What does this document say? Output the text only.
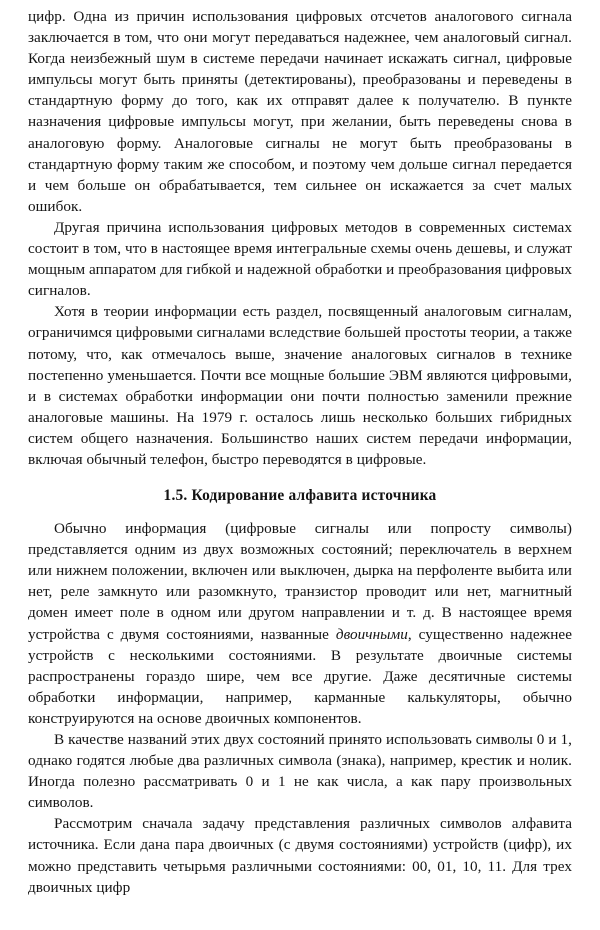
цифр. Одна из причин использования цифровых отсчетов аналогового сигнала заключается в том, что они могут передаваться надежнее, чем аналоговый сигнал. Когда неизбежный шум в системе передачи начинает искажать сигнал, цифровые импульсы могут быть приняты (детектированы), преобразованы и переведены в стандартную форму до того, как их отправят далее к получателю. В пункте назначения цифровые импульсы могут, при желании, быть переведены снова в аналоговую форму. Аналоговые сигналы не могут быть преобразованы в стандартную форму таким же способом, и поэтому чем дольше сигнал передается и чем больше он обрабатывается, тем сильнее он искажается за счет малых ошибок.

Другая причина использования цифровых методов в современных системах состоит в том, что в настоящее время интегральные схемы очень дешевы, и служат мощным аппаратом для гибкой и надежной обработки и преобразования цифровых сигналов.

Хотя в теории информации есть раздел, посвященный аналоговым сигналам, ограничимся цифровыми сигналами вследствие большей простоты теории, а также потому, что, как отмечалось выше, значение аналоговых сигналов в технике постепенно уменьшается. Почти все мощные большие ЭВМ являются цифровыми, и в системах обработки информации они почти полностью заменили прежние аналоговые машины. На 1979 г. осталось лишь несколько больших гибридных систем общего назначения. Большинство наших систем передачи информации, включая обычный телефон, быстро переводятся в цифровые.

1.5. Кодирование алфавита источника

Обычно информация (цифровые сигналы или попросту символы) представляется одним из двух возможных состояний; переключатель в верхнем или нижнем положении, включен или выключен, дырка на перфоленте выбита или нет, реле замкнуто или разомкнуто, транзистор проводит или нет, магнитный домен имеет поле в одном или другом направлении и т. д. В настоящее время устройства с двумя состояниями, названные двоичными, существенно надежнее устройств с несколькими состояниями. В результате двоичные системы распространены гораздо шире, чем все другие. Даже десятичные системы обработки информации, например, карманные калькуляторы, обычно конструируются на основе двоичных компонентов.

В качестве названий этих двух состояний принято использовать символы 0 и 1, однако годятся любые два различных символа (знака), например, крестик и нолик. Иногда полезно рассматривать 0 и 1 не как числа, а как пару произвольных символов.

Рассмотрим сначала задачу представления различных символов алфавита источника. Если дана пара двоичных (с двумя состояниями) устройств (цифр), их можно представить четырьмя различными состояниями: 00, 01, 10, 11. Для трех двоичных цифр
